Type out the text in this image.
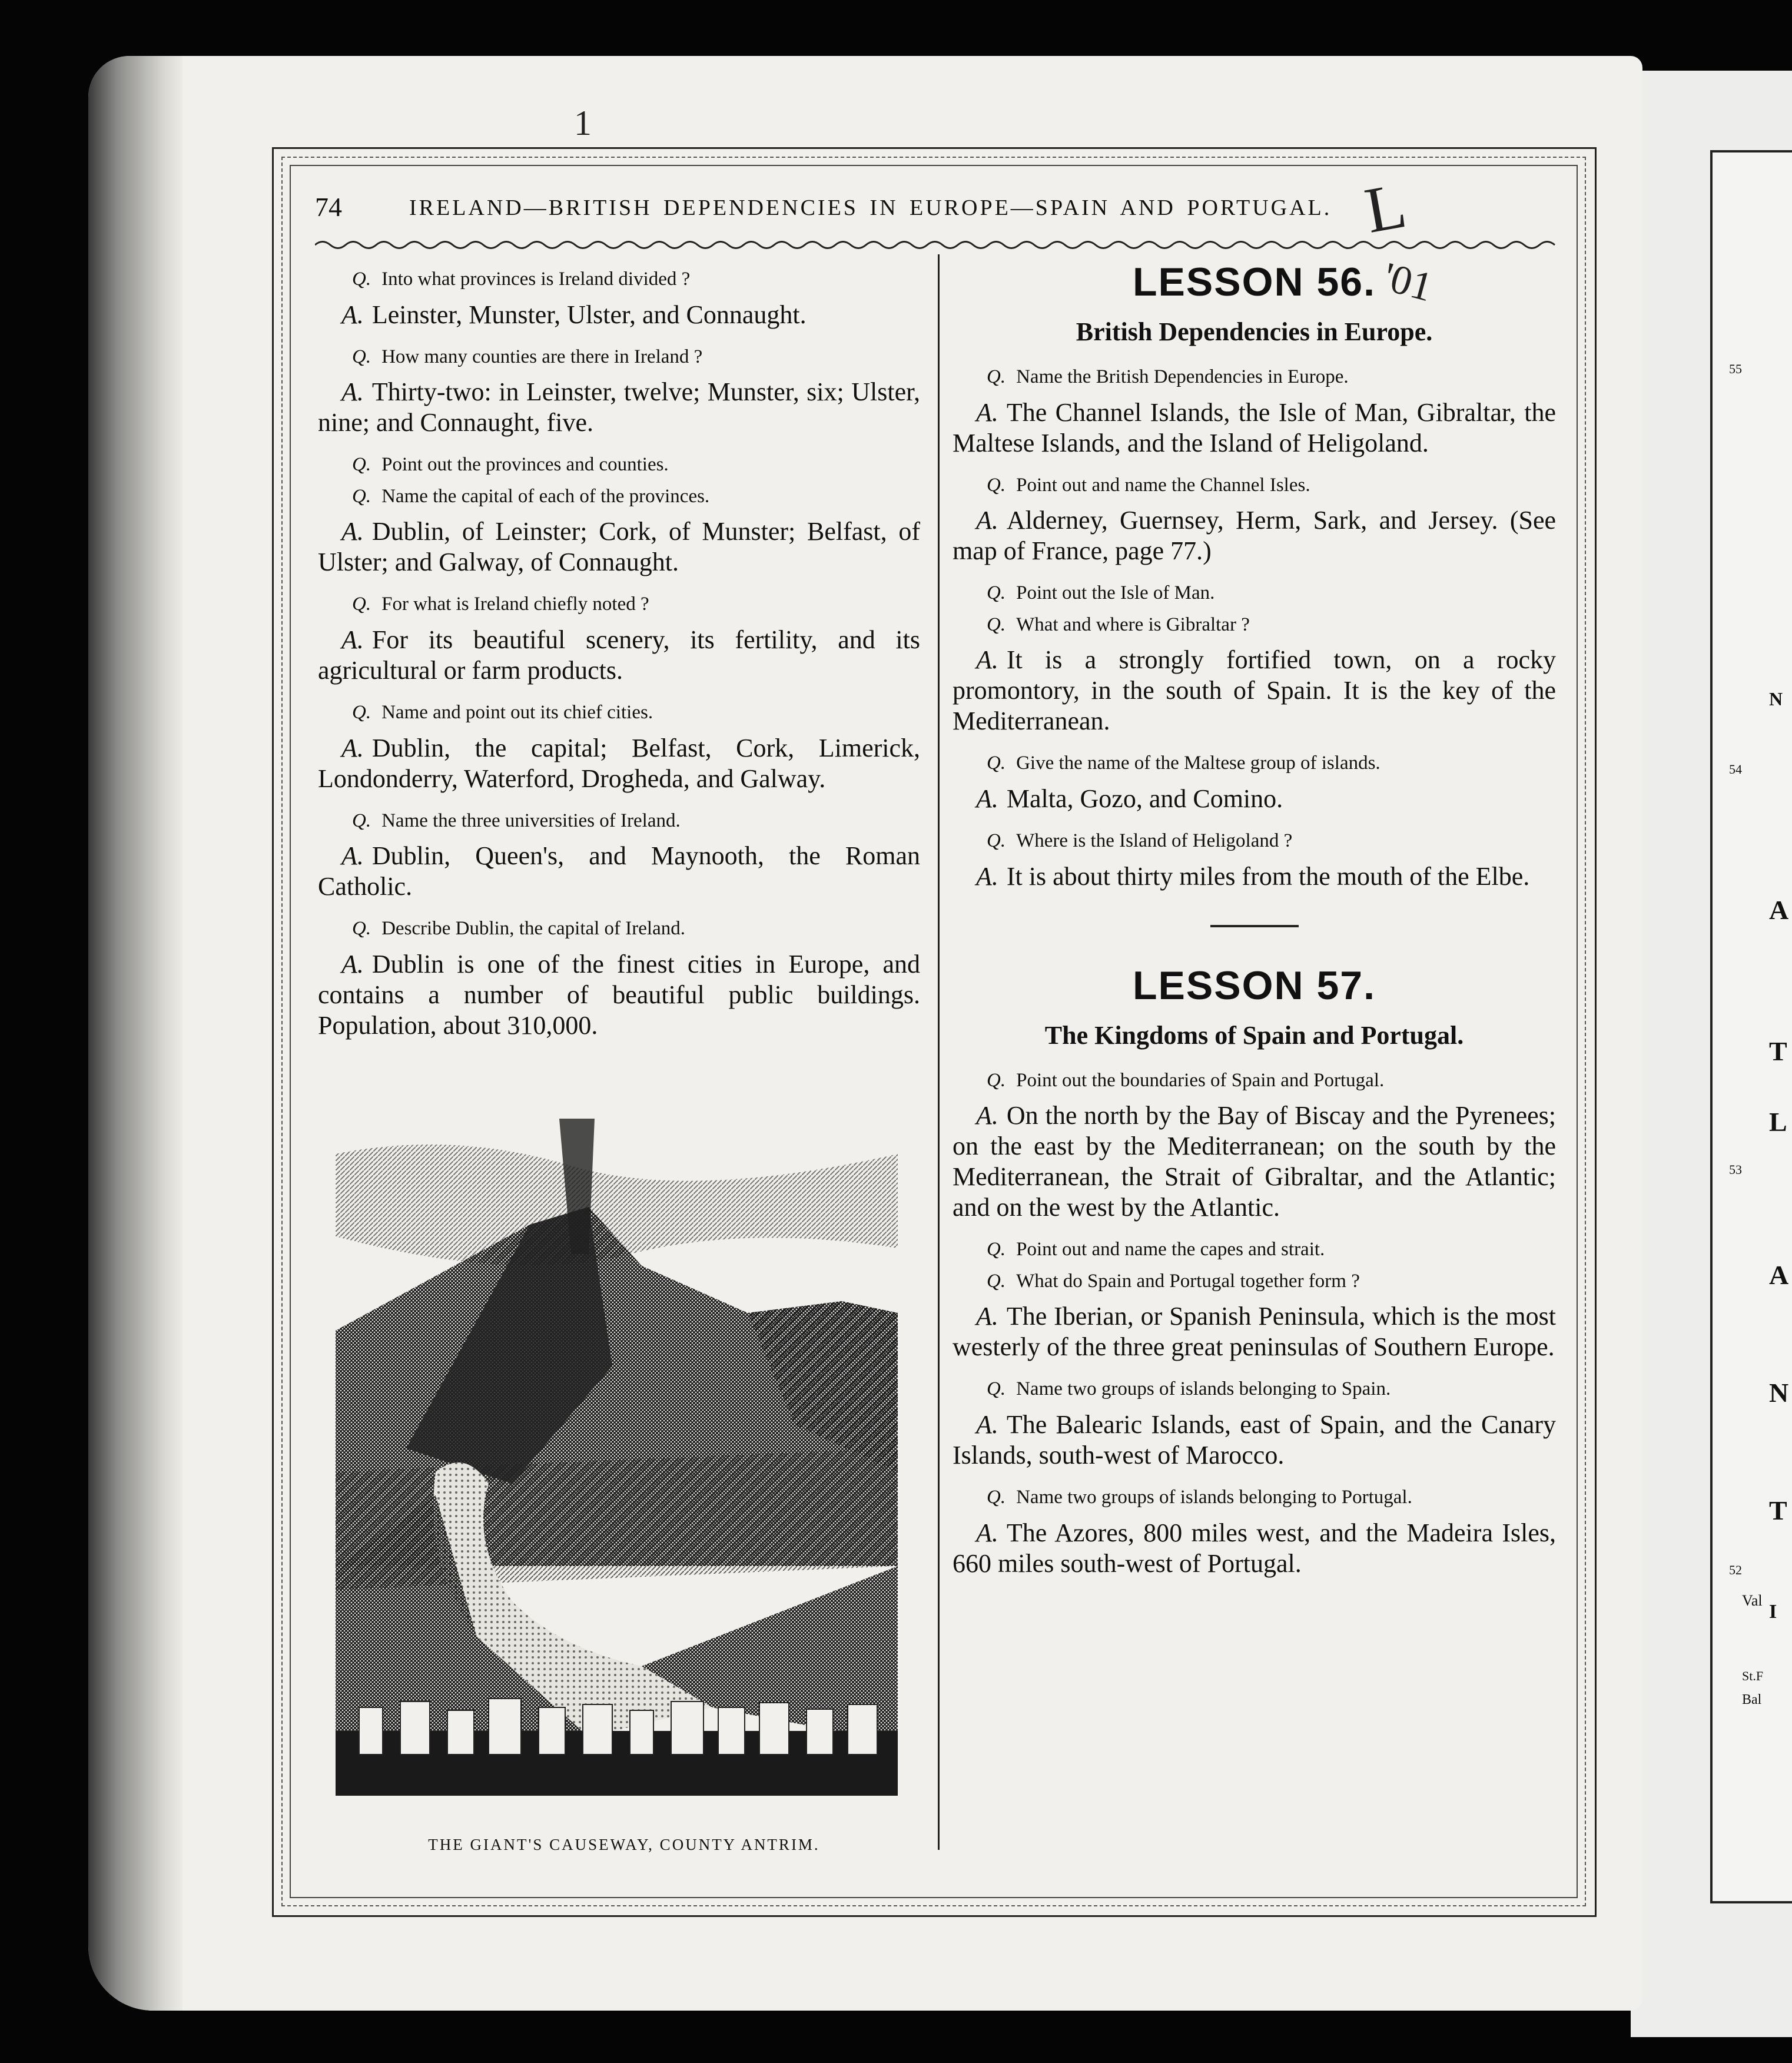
55
54
53
52
N
A
T
L
A
N
T
I
Val
St.F
Bal
74	IRELAND—BRITISH DEPENDENCIES IN EUROPE—SPAIN AND PORTUGAL.
Q. Into what provinces is Ireland divided ?
A. Leinster, Munster, Ulster, and Connaught.
Q. How many counties are there in Ireland ?
A. Thirty-two: in Leinster, twelve; Munster, six; Ulster, nine; and Connaught, five.
Q. Point out the provinces and counties.
Q. Name the capital of each of the provinces.
A. Dublin, of Leinster; Cork, of Munster; Belfast, of Ulster; and Galway, of Connaught.
Q. For what is Ireland chiefly noted ?
A. For its beautiful scenery, its fertility, and its agricultural or farm products.
Q. Name and point out its chief cities.
A. Dublin, the capital; Belfast, Cork, Limerick, Londonderry, Waterford, Drogheda, and Galway.
Q. Name the three universities of Ireland.
A. Dublin, Queen's, and Maynooth, the Roman Catholic.
Q. Describe Dublin, the capital of Ireland.
A. Dublin is one of the finest cities in Europe, and contains a number of beautiful public buildings. Population, about 310,000.
THE GIANT'S CAUSEWAY, COUNTY ANTRIM.
LESSON 56.
British Dependencies in Europe.
Q. Name the British Dependencies in Europe.
A. The Channel Islands, the Isle of Man, Gibraltar, the Maltese Islands, and the Island of Heligoland.
Q. Point out and name the Channel Isles.
A. Alderney, Guernsey, Herm, Sark, and Jersey. (See map of France, page 77.)
Q. Point out the Isle of Man.
Q. What and where is Gibraltar ?
A. It is a strongly fortified town, on a rocky promontory, in the south of Spain. It is the key of the Mediterranean.
Q. Give the name of the Maltese group of islands.
A. Malta, Gozo, and Comino.
Q. Where is the Island of Heligoland ?
A. It is about thirty miles from the mouth of the Elbe.
LESSON 57.
The Kingdoms of Spain and Portugal.
Q. Point out the boundaries of Spain and Portugal.
A. On the north by the Bay of Biscay and the Pyrenees; on the east by the Mediterranean; on the south by the Mediterranean, the Strait of Gibraltar, and the Atlantic; and on the west by the Atlantic.
Q. Point out and name the capes and strait.
Q. What do Spain and Portugal together form ?
A. The Iberian, or Spanish Peninsula, which is the most westerly of the three great peninsulas of Southern Europe.
Q. Name two groups of islands belonging to Spain.
A. The Balearic Islands, east of Spain, and the Canary Islands, south-west of Marocco.
Q. Name two groups of islands belonging to Portugal.
A. The Azores, 800 miles west, and the Madeira Isles, 660 miles south-west of Portugal.
1
L
'01
